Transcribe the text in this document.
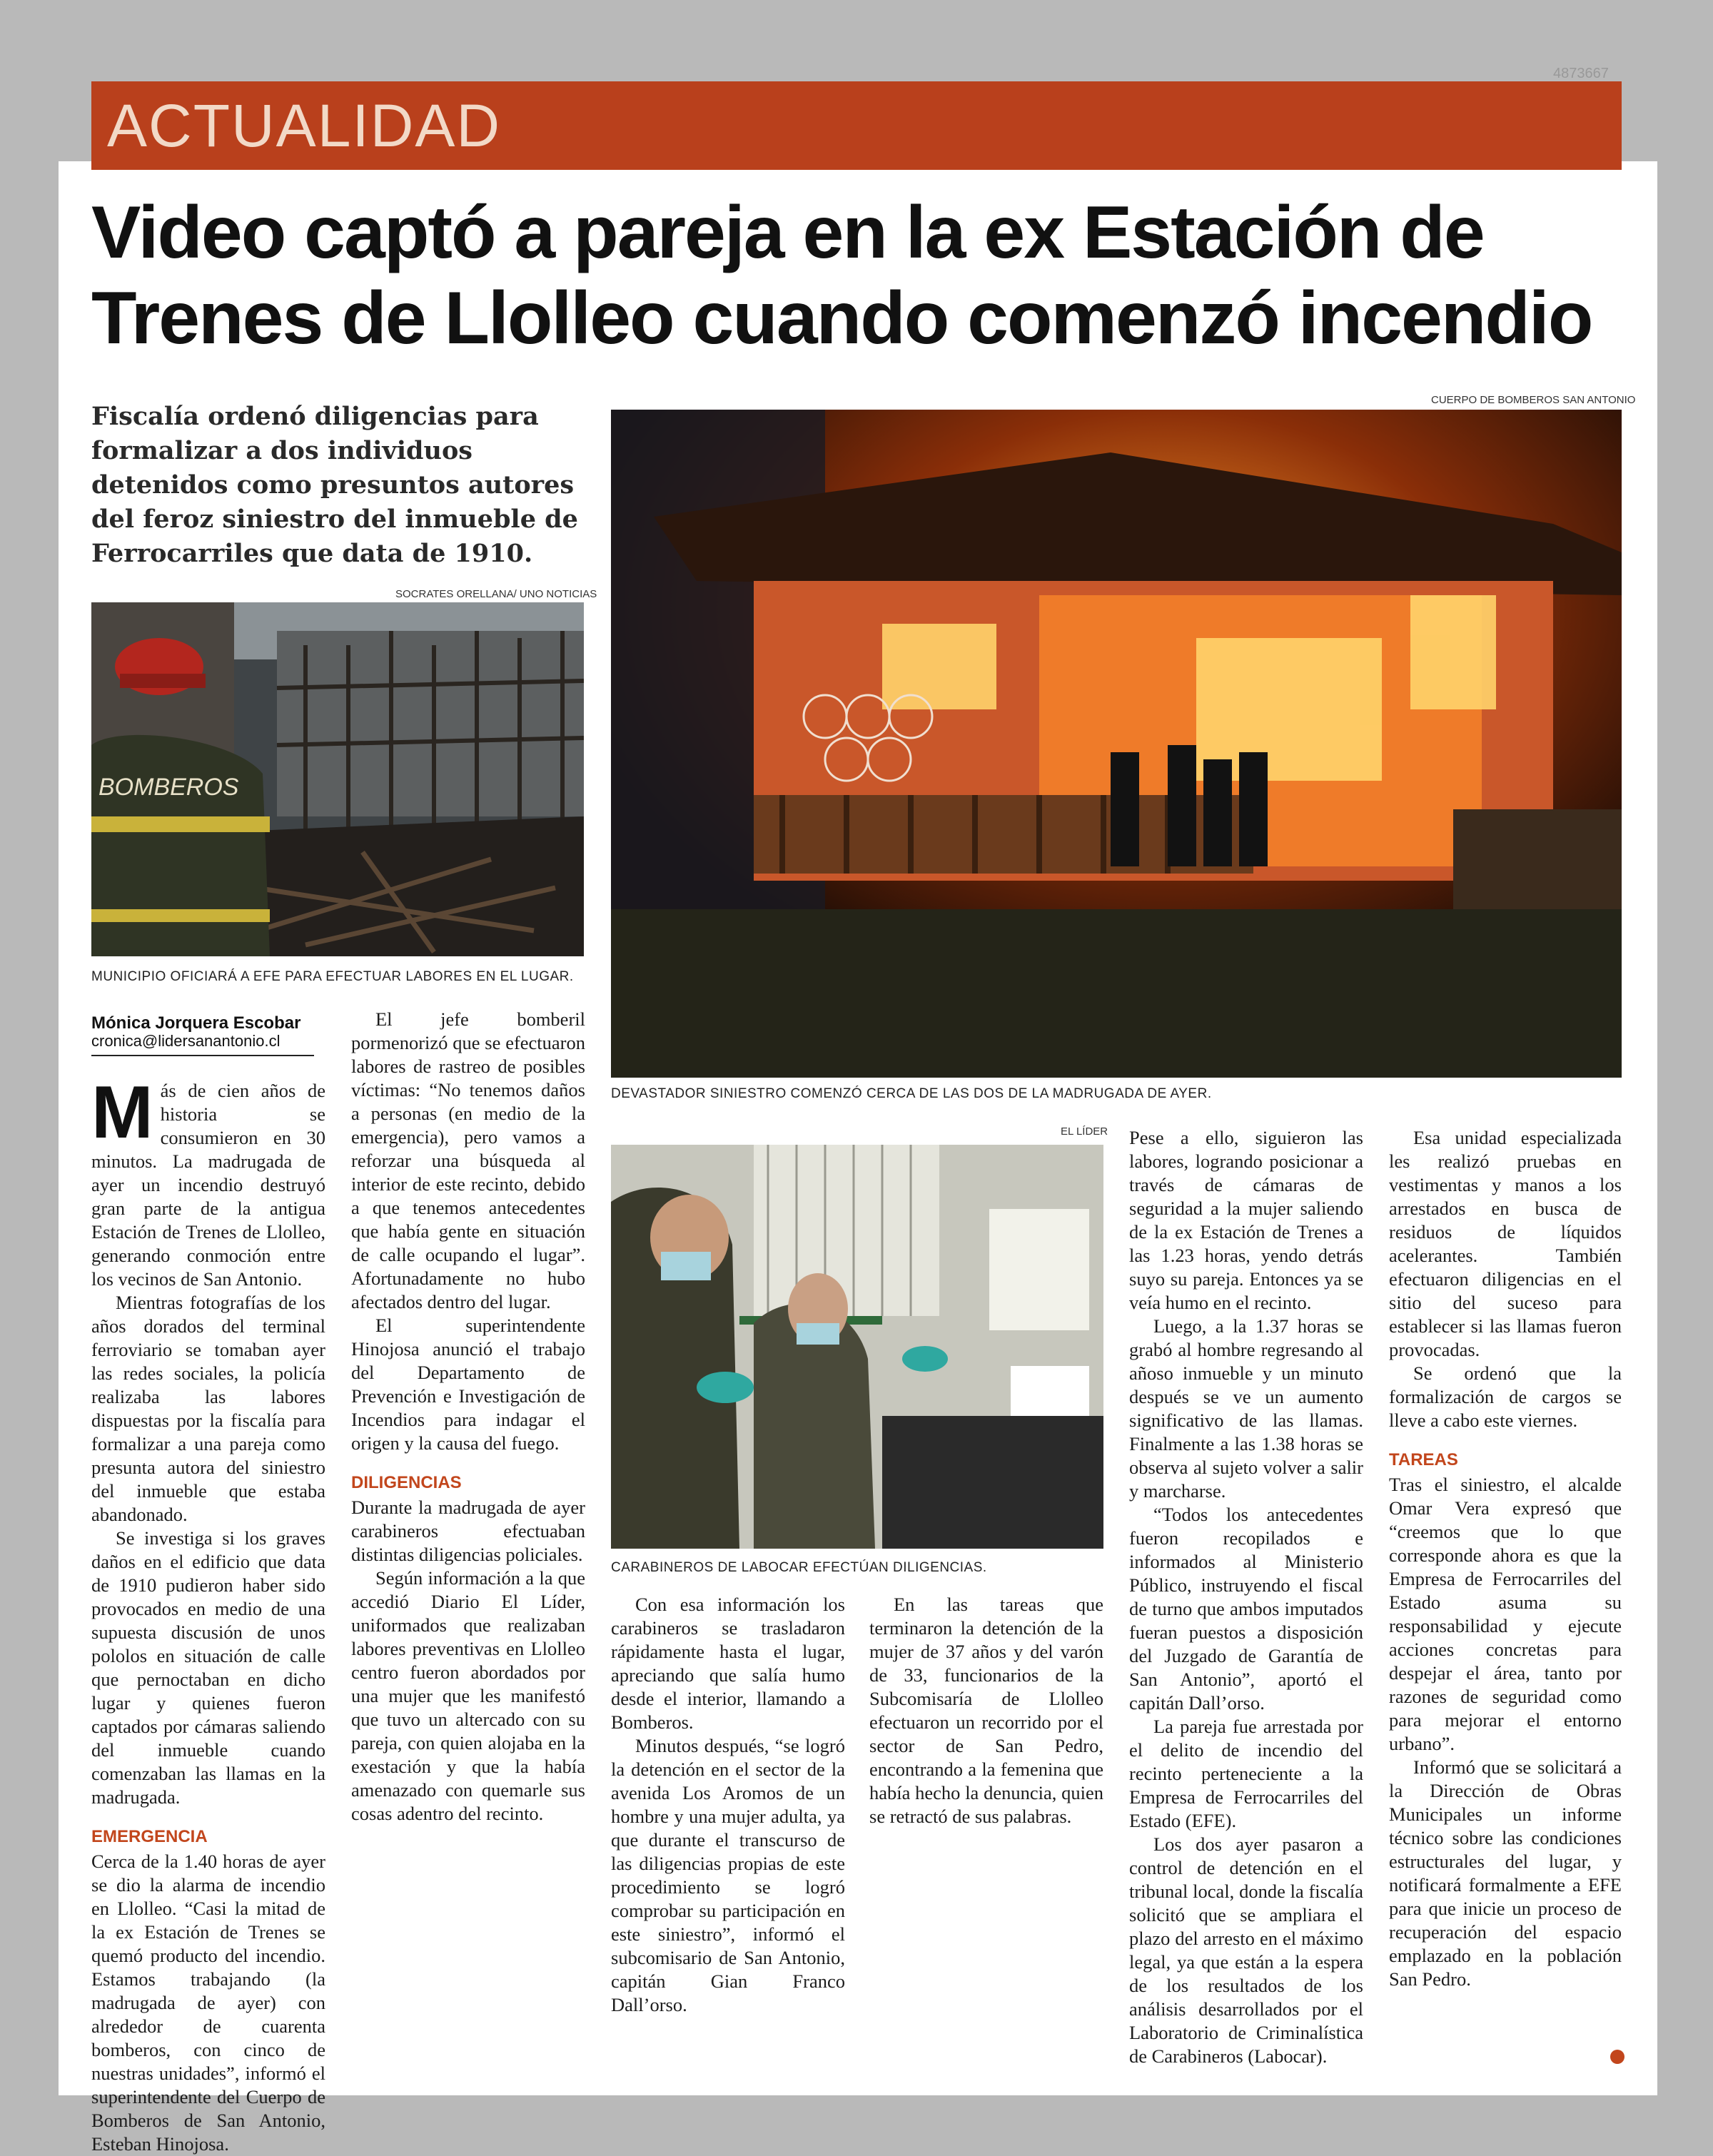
4873667
ACTUALIDAD
Video captó a pareja en la ex Estación de Trenes de Llolleo cuando comenzó incendio
Fiscalía ordenó diligencias para formalizar a dos individuos detenidos como presuntos autores del feroz siniestro del inmueble de Ferrocarriles que data de 1910.
SOCRATES ORELLANA/ UNO NOTICIAS
BOMBEROS
MUNICIPIO OFICIARÁ A EFE PARA EFECTUAR LABORES EN EL LUGAR.
CUERPO DE BOMBEROS SAN ANTONIO
DEVASTADOR SINIESTRO COMENZÓ CERCA DE LAS DOS DE LA MADRUGADA DE AYER.
EL LÍDER
CARABINEROS DE LABOCAR EFECTÚAN DILIGENCIAS.
Mónica Jorquera Escobar
cronica@lidersanantonio.cl
M ás de cien años de historia se consumieron en 30 minutos. La madrugada de ayer un incendio destruyó gran parte de la antigua Estación de Trenes de Llolleo, generando conmoción entre los vecinos de San Antonio.

Mientras fotografías de los años dorados del terminal ferroviario se tomaban ayer las redes sociales, la policía realizaba las labores dispuestas por la fiscalía para formalizar a una pareja como presunta autora del siniestro del inmueble que estaba abandonado.

Se investiga si los graves daños en el edificio que data de 1910 pudieron haber sido provocados en medio de una supuesta discusión de unos pololos en situación de calle que pernoctaban en dicho lugar y quienes fueron captados por cámaras saliendo del inmueble cuando comenzaban las llamas en la madrugada.

EMERGENCIA

Cerca de la 1.40 horas de ayer se dio la alarma de incendio en Llolleo. “Casi la mitad de la ex Estación de Trenes se quemó producto del incendio. Estamos trabajando (la madrugada de ayer) con alrededor de cuarenta bomberos, con cinco de nuestras unidades”, informó el superintendente del Cuerpo de Bomberos de San Antonio, Esteban Hinojosa.

El jefe bomberil pormenorizó que se efectuaron labores de rastreo de posibles víctimas: “No tenemos daños a personas (en medio de la emergencia), pero vamos a reforzar una búsqueda al interior de este recinto, debido a que tenemos antecedentes que había gente en situación de calle ocupando el lugar”. Afortunadamente no hubo afectados dentro del lugar.

El superintendente Hinojosa anunció el trabajo del Departamento de Prevención e Investigación de Incendios para indagar el origen y la causa del fuego.

DILIGENCIAS

Durante la madrugada de ayer carabineros efectuaban distintas diligencias policiales.

Según información a la que accedió Diario El Líder, uniformados que realizaban labores preventivas en Llolleo centro fueron abordados por una mujer que les manifestó que tuvo un altercado con su pareja, con quien alojaba en la exestación y que la había amenazado con quemarle sus cosas adentro del recinto.

Con esa información los carabineros se trasladaron rápidamente hasta el lugar, apreciando que salía humo desde el interior, llamando a Bomberos.

Minutos después, “se logró la detención en el sector de la avenida Los Aromos de un hombre y una mujer adulta, ya que durante el transcurso de las diligencias propias de este procedimiento se logró comprobar su participación en este siniestro”, informó el subcomisario de San Antonio, capitán Gian Franco Dall’orso.

En las tareas que terminaron la detención de la mujer de 37 años y del varón de 33, funcionarios de la Subcomisaría de Llolleo efectuaron un recorrido por el sector de San Pedro, encontrando a la femenina que había hecho la denuncia, quien se retractó de sus palabras.

Pese a ello, siguieron las labores, logrando posicionar a través de cámaras de seguridad a la mujer saliendo de la ex Estación de Trenes a las 1.23 horas, yendo detrás suyo su pareja. Entonces ya se veía humo en el recinto.

Luego, a la 1.37 horas se grabó al hombre regresando al añoso inmueble y un minuto después se ve un aumento significativo de las llamas. Finalmente a las 1.38 horas se observa al sujeto volver a salir y marcharse.

“Todos los antecedentes fueron recopilados e informados al Ministerio Público, instruyendo el fiscal de turno que ambos imputados fueran puestos a disposición del Juzgado de Garantía de San Antonio”, aportó el capitán Dall’orso.

La pareja fue arrestada por el delito de incendio del recinto perteneciente a la Empresa de Ferrocarriles del Estado (EFE).

Los dos ayer pasaron a control de detención en el tribunal local, donde la fiscalía solicitó que se ampliara el plazo del arresto en el máximo legal, ya que están a la espera de los resultados de los análisis desarrollados por el Laboratorio de Criminalística de Carabineros (Labocar).

Esa unidad especializada les realizó pruebas en vestimentas y manos a los arrestados en busca de residuos de líquidos acelerantes. También efectuaron diligencias en el sitio del suceso para establecer si las llamas fueron provocadas.

Se ordenó que la formalización de cargos se lleve a cabo este viernes.

TAREAS

Tras el siniestro, el alcalde Omar Vera expresó que “creemos que lo que corresponde ahora es que la Empresa de Ferrocarriles del Estado asuma su responsabilidad y ejecute acciones concretas para despejar el área, tanto por razones de seguridad como para mejorar el entorno urbano”.

Informó que se solicitará a la Dirección de Obras Municipales un informe técnico sobre las condiciones estructurales del lugar, y notificará formalmente a EFE para que inicie un proceso de recuperación del espacio emplazado en la población San Pedro.
